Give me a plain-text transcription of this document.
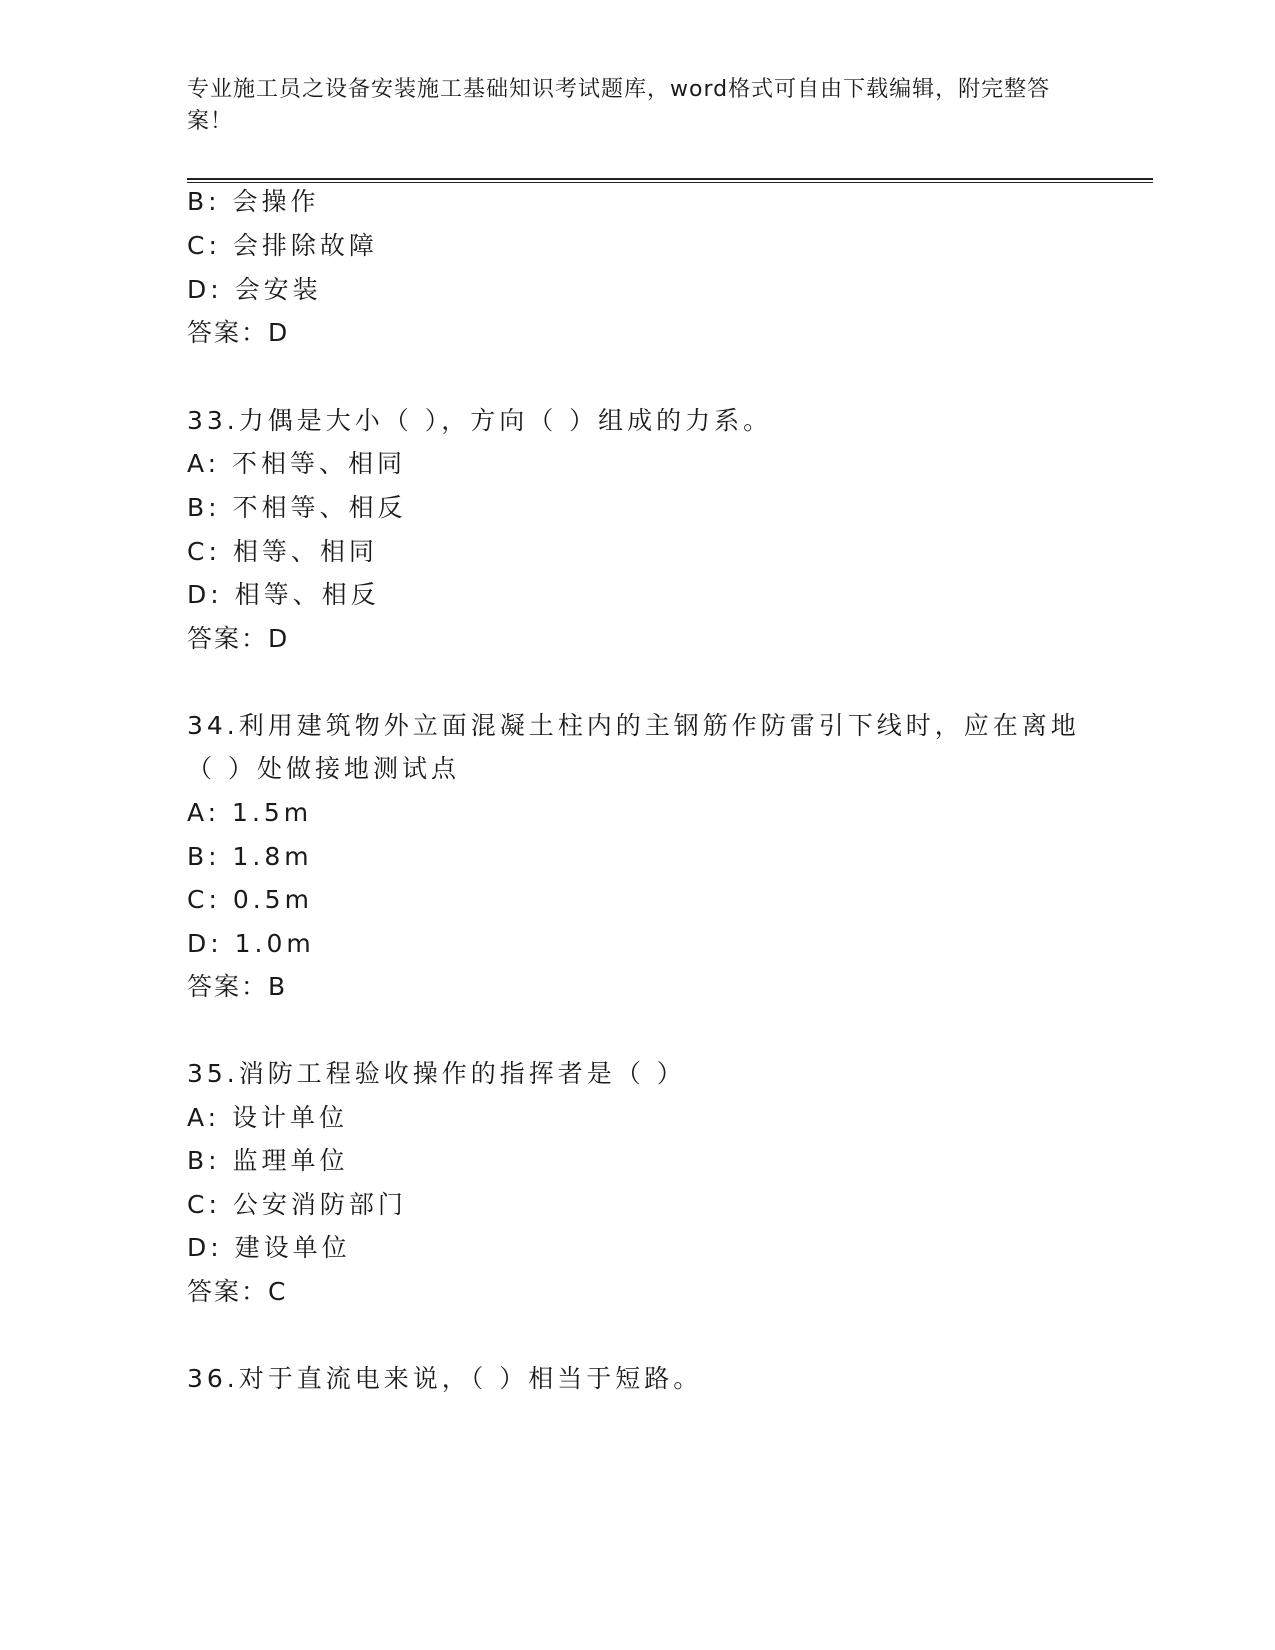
专业施工员之设备安装施工基础知识考试题库，word格式可自由下载编辑，附完整答案！
B: 会操作
C: 会排除故障
D: 会安装
答案：D
33.力偶是大小（ ），方向（ ）组成的力系。
A: 不相等、相同
B: 不相等、相反
C: 相等、相同
D: 相等、相反
答案：D
34.利用建筑物外立面混凝土柱内的主钢筋作防雷引下线时，应在离地
（ ）处做接地测试点
A: 1.5m
B: 1.8m
C: 0.5m
D: 1.0m
答案：B
35.消防工程验收操作的指挥者是（ ）
A: 设计单位
B: 监理单位
C: 公安消防部门
D: 建设单位
答案：C
36.对于直流电来说，（ ）相当于短路。
